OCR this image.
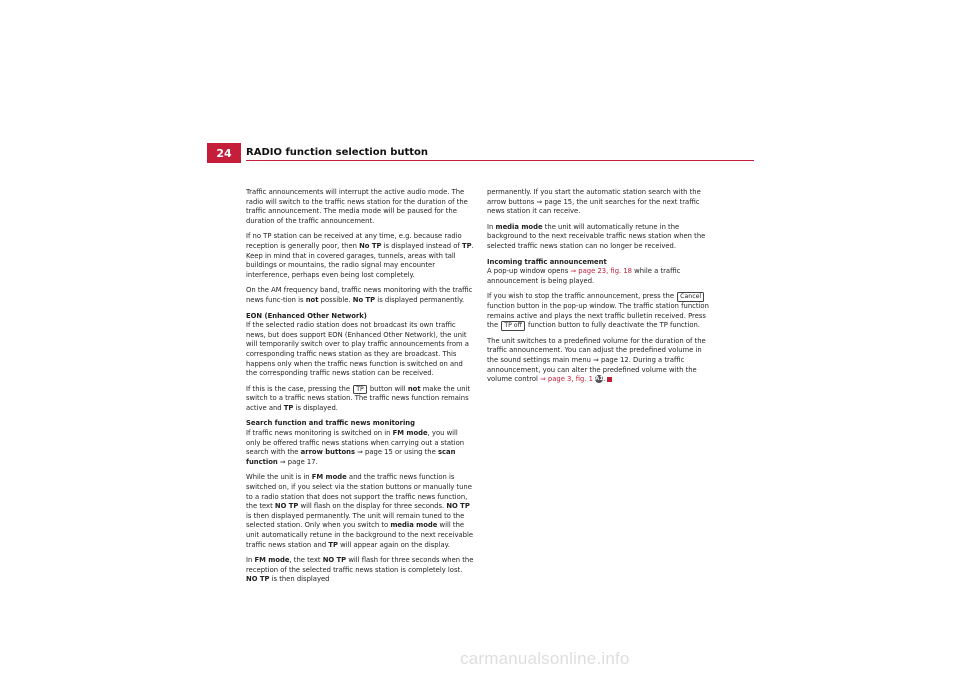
24	RADIO function selection button

Traffic announcements will interrupt the active audio mode. The radio will switch to the traffic news station for the duration of the traffic announcement. The media mode will be paused for the duration of the traffic announcement.

If no TP station can be received at any time, e.g. because radio reception is generally poor, then No TP is displayed instead of TP. Keep in mind that in covered garages, tunnels, areas with tall buildings or mountains, the radio signal may encounter interference, perhaps even being lost completely.

On the AM frequency band, traffic news monitoring with the traffic news func-tion is not possible. No TP is displayed permanently.

EON (Enhanced Other Network)

If the selected radio station does not broadcast its own traffic news, but does support EON (Enhanced Other Network), the unit will temporarily switch over to play traffic announcements from a corresponding traffic news station as they are broadcast. This happens only when the traffic news function is switched on and the corresponding traffic news station can be received.

If this is the case, pressing the TP button will not make the unit switch to a traffic news station. The traffic news function remains active and TP is displayed.

Search function and traffic news monitoring

If traffic news monitoring is switched on in FM mode, you will only be offered traffic news stations when carrying out a station search with the arrow buttons ⇒ page 15 or using the scan function ⇒ page 17.

While the unit is in FM mode and the traffic news function is switched on, if you select via the station buttons or manually tune to a radio station that does not support the traffic news function, the text NO TP will flash on the display for three seconds. NO TP is then displayed permanently. The unit will remain tuned to the selected station. Only when you switch to media mode will the unit automatically retune in the background to the next receivable traffic news station and TP will appear again on the display.

In FM mode, the text NO TP will flash for three seconds when the reception of the selected traffic news station is completely lost. NO TP is then displayed

permanently. If you start the automatic station search with the arrow buttons ⇒ page 15, the unit searches for the next traffic news station it can receive.

In media mode the unit will automatically retune in the background to the next receivable traffic news station when the selected traffic news station can no longer be received.

Incoming traffic announcement

A pop-up window opens ⇒ page 23, fig. 18 while a traffic announcement is being played.

If you wish to stop the traffic announcement, press the Cancel function button in the pop-up window. The traffic station function remains active and plays the next traffic bulletin received. Press the TP off function button to fully deactivate the TP function.

The unit switches to a predefined volume for the duration of the traffic announcement. You can adjust the predefined volume in the sound settings main menu ⇒ page 12. During a traffic announcement, you can alter the predefined volume with the volume control ⇒ page 3, fig. 1 A1.

carmanualsonline.info
